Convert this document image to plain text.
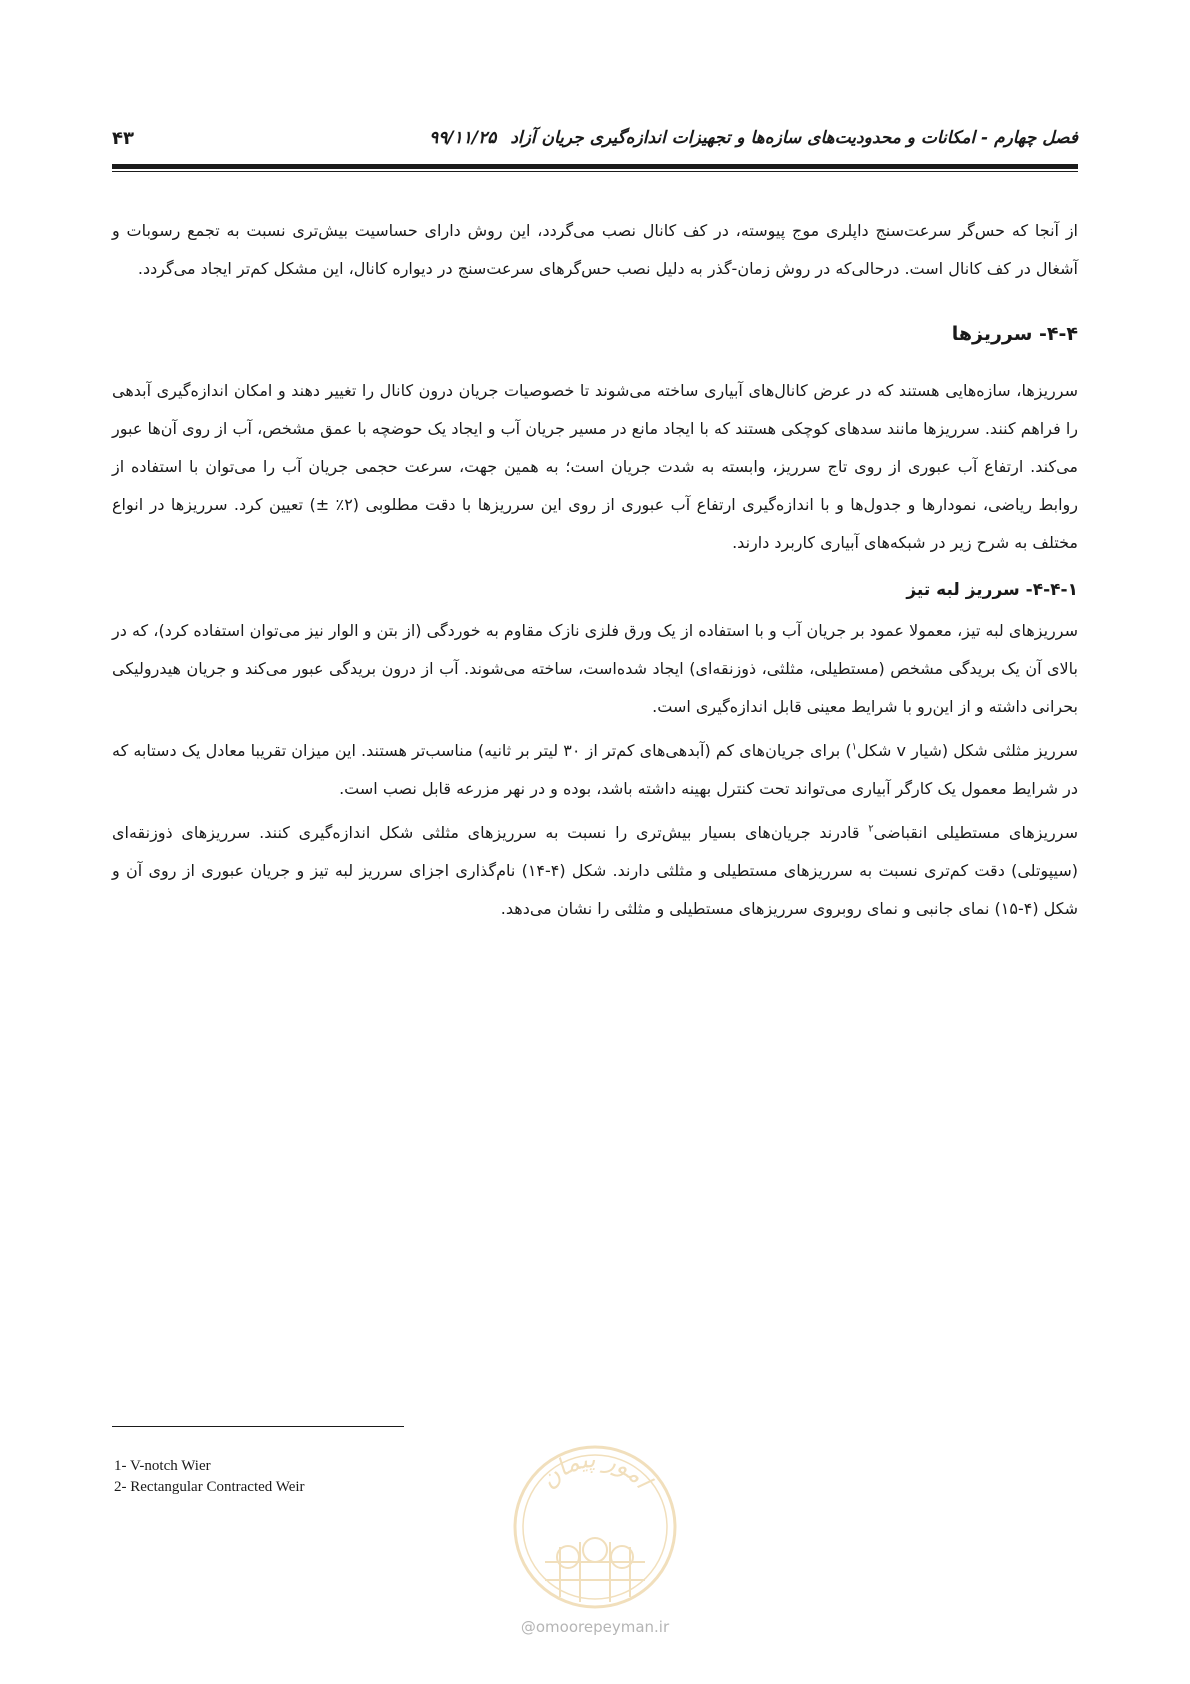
فصل چهارم - امکانات و محدودیت‌های سازه‌ها و تجهیزات اندازه‌گیری جریان آزاد۹۹/۱۱/۲۵
۴۳

از آنجا که حس‌گر سرعت‌سنج داپلری موج پیوسته، در کف کانال نصب می‌گردد، این روش دارای حساسیت بیش‌تری نسبت به تجمع رسوبات و آشغال در کف کانال است. درحالی‌که در روش زمان-گذر به دلیل نصب حس‌گرهای سرعت‌سنج در دیواره کانال، این مشکل کم‌تر ایجاد می‌گردد.

۴-۴- سرریزها

سرریزها، سازه‌هایی هستند که در عرض کانال‌های آبیاری ساخته می‌شوند تا خصوصیات جریان درون کانال را تغییر دهند و امکان اندازه‌گیری آبدهی را فراهم کنند. سرریزها مانند سدهای کوچکی هستند که با ایجاد مانع در مسیر جریان آب و ایجاد یک حوضچه با عمق مشخص، آب از روی آن‌ها عبور می‌کند. ارتفاع آب عبوری از روی تاج سرریز، وابسته به شدت جریان است؛ به همین جهت، سرعت حجمی جریان آب را می‌توان با استفاده از روابط ریاضی، نمودارها و جدول‌ها و با اندازه‌گیری ارتفاع آب عبوری از روی این سرریزها با دقت مطلوبی (۲٪ ±) تعیین کرد. سرریزها در انواع مختلف به شرح زیر در شبکه‌های آبیاری کاربرد دارند.

۴-۴-۱- سرریز لبه تیز

سرریزهای لبه تیز، معمولا عمود بر جریان آب و با استفاده از یک ورق فلزی نازک مقاوم به خوردگی (از بتن و الوار نیز می‌توان استفاده کرد)، که در بالای آن یک بریدگی مشخص (مستطیلی، مثلثی، ذوزنقه‌ای) ایجاد شده‌است، ساخته می‌شوند. آب از درون بریدگی عبور می‌کند و جریان هیدرولیکی بحرانی داشته و از این‌رو با شرایط معینی قابل اندازه‌گیری است.

سرریز مثلثی شکل (شیار v شکل$^۱$) برای جریان‌های کم (آبدهی‌های کم‌تر از ۳۰ لیتر بر ثانیه) مناسب‌تر هستند. این میزان تقریبا معادل یک دستابه که در شرایط معمول یک کارگر آبیاری می‌تواند تحت کنترل بهینه داشته باشد، بوده و در نهر مزرعه قابل نصب است.

سرریزهای مستطیلی انقباضی$^۲$ قادرند جریان‌های بسیار بیش‌تری را نسبت به سرریزهای مثلثی شکل اندازه‌گیری کنند. سرریزهای ذوزنقه‌ای (سیپوتلی) دقت کم‌تری نسبت به سرریزهای مستطیلی و مثلثی دارند. شکل (۴-۱۴) نام‌گذاری اجزای سرریز لبه تیز و جریان عبوری از روی آن و شکل (۴-۱۵) نمای جانبی و نمای روبروی سرریزهای مستطیلی و مثلثی را نشان می‌دهد.

1- V-notch Wier
2- Rectangular Contracted Weir	امور پیمان
@omoorepeyman.ir
